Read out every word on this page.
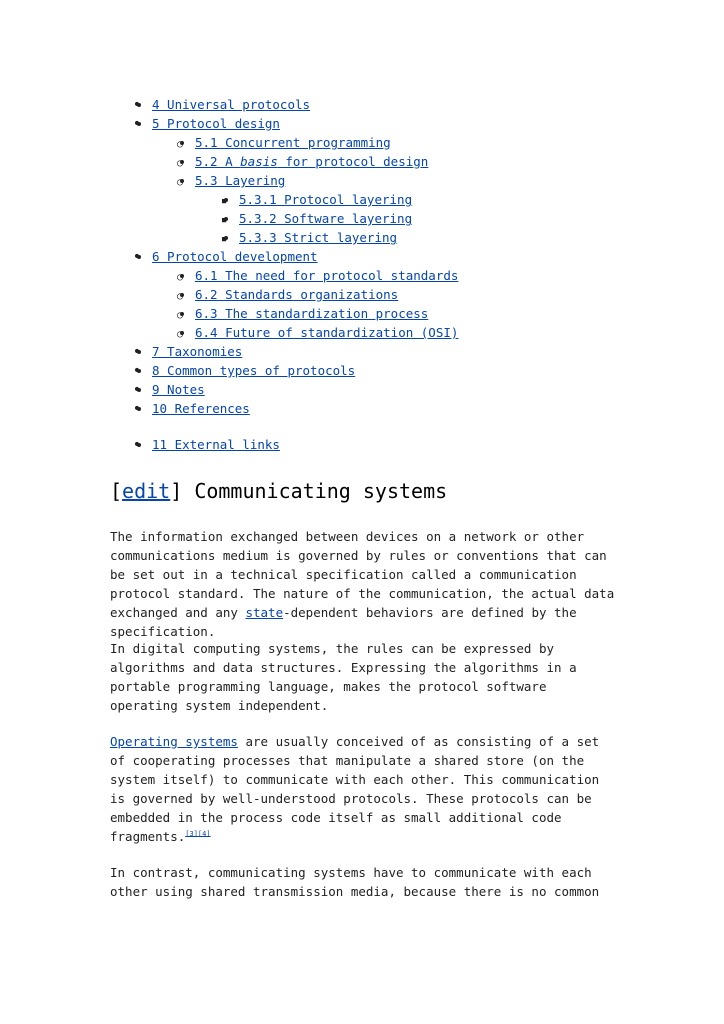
•
• 4 Universal protocols
•
• 5 Protocol design
○
• 5.1 Concurrent programming
○
• 5.2 A basis for protocol design
○
• 5.3 Layering
▪
• 5.3.1 Protocol layering
▪
• 5.3.2 Software layering
▪
• 5.3.3 Strict layering
•
• 6 Protocol development
○
• 6.1 The need for protocol standards
○
• 6.2 Standards organizations
○
• 6.3 The standardization process
○
• 6.4 Future of standardization (OSI)
•
• 7 Taxonomies
•
• 8 Common types of protocols
•
• 9 Notes
•
• 10 References
•
• 11 External links
[edit] Communicating systems

The information exchanged between devices on a network or other communications medium is governed by rules or conventions that can be set out in a technical specification called a communication protocol standard. The nature of the communication, the actual data exchanged and any state-dependent behaviors are defined by the specification.

In digital computing systems, the rules can be expressed by algorithms and data structures. Expressing the algorithms in a portable programming language, makes the protocol software operating system independent.

Operating systems are usually conceived of as consisting of a set of cooperating processes that manipulate a shared store (on the system itself) to communicate with each other. This communication is governed by well-understood protocols. These protocols can be embedded in the process code itself as small additional code fragments.[3][4]

In contrast, communicating systems have to communicate with each other using shared transmission media, because there is no common
